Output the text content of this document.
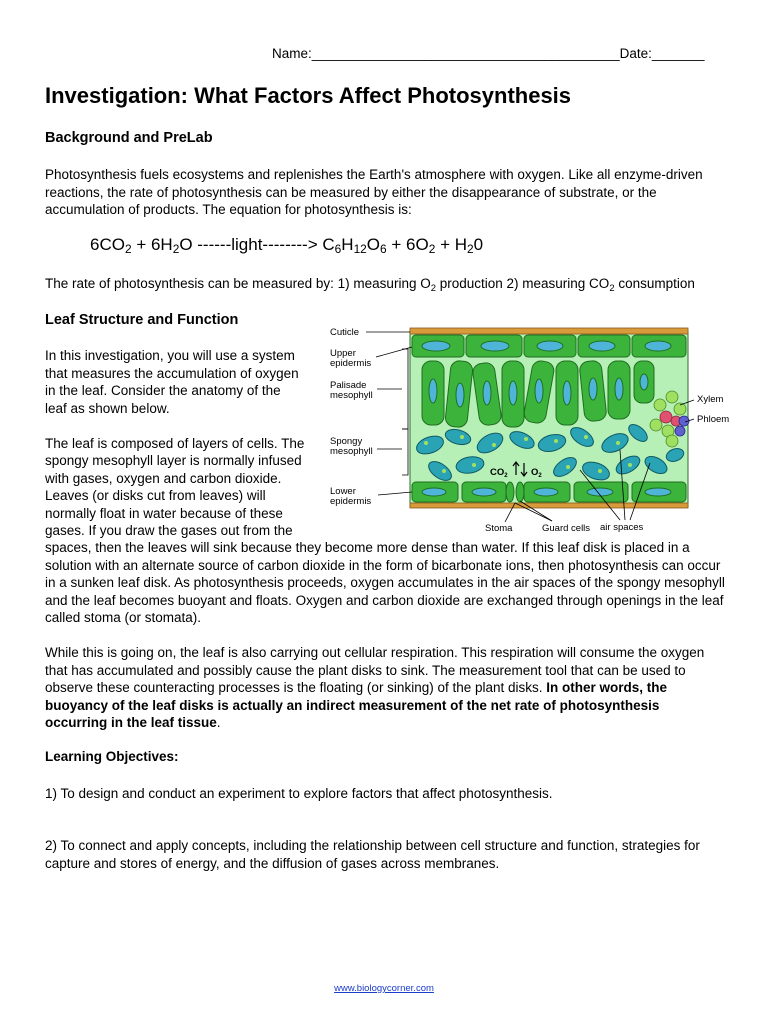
Name:_________________________________________Date:_______
Investigation: What Factors Affect Photosynthesis
Background and PreLab

Photosynthesis fuels ecosystems and replenishes the Earth's atmosphere with oxygen. Like all enzyme-driven reactions, the rate of photosynthesis can be measured by either the disappearance of substrate, or the accumulation of products. The equation for photosynthesis is:

$6CO_2 + 6H_2O$ ------light--------> $C_6H_{12}O_6 + 6O_2 + H_20$
The rate of photosynthesis can be measured by: 1) measuring $O_2$ production 2) measuring $CO_2$ consumption
Leaf Structure and Function

In this investigation, you will use a system that measures the accumulation of oxygen in the leaf. Consider the anatomy of the leaf as shown below.

The leaf is composed of layers of cells. The spongy mesophyll layer is normally infused with gases, oxygen and carbon dioxide. Leaves (or disks cut from leaves) will normally float in water because of these gases. If you draw the gases out from the

spaces, then the leaves will sink because they become more dense than water. If this leaf disk is placed in a solution with an alternate source of carbon dioxide in the form of bicarbonate ions, then photosynthesis can occur in a sunken leaf disk. As photosynthesis proceeds, oxygen accumulates in the air spaces of the spongy mesophyll and the leaf becomes buoyant and floats. Oxygen and carbon dioxide are exchanged through openings in the leaf called stoma (or stomata).

While this is going on, the leaf is also carrying out cellular respiration. This respiration will consume the oxygen that has accumulated and possibly cause the plant disks to sink. The measurement tool that can be used to observe these counteracting processes is the floating (or sinking) of the plant disks. In other words, the buoyancy of the leaf disks is actually an indirect measurement of the net rate of photosynthesis occurring in the leaf tissue.

Learning Objectives:

1) To design and conduct an experiment to explore factors that affect photosynthesis.

2) To connect and apply concepts, including the relationship between cell structure and function, strategies for capture and stores of energy, and the diffusion of gases across membranes.

$CO_2$ $O_2$
Cuticle
Upper
epidermis
Palisade
mesophyll
Spongy
mesophyll
Lower
epidermis
Xylem
Phloem
Stoma	Guard cells air spaces
www.biologycorner.com
